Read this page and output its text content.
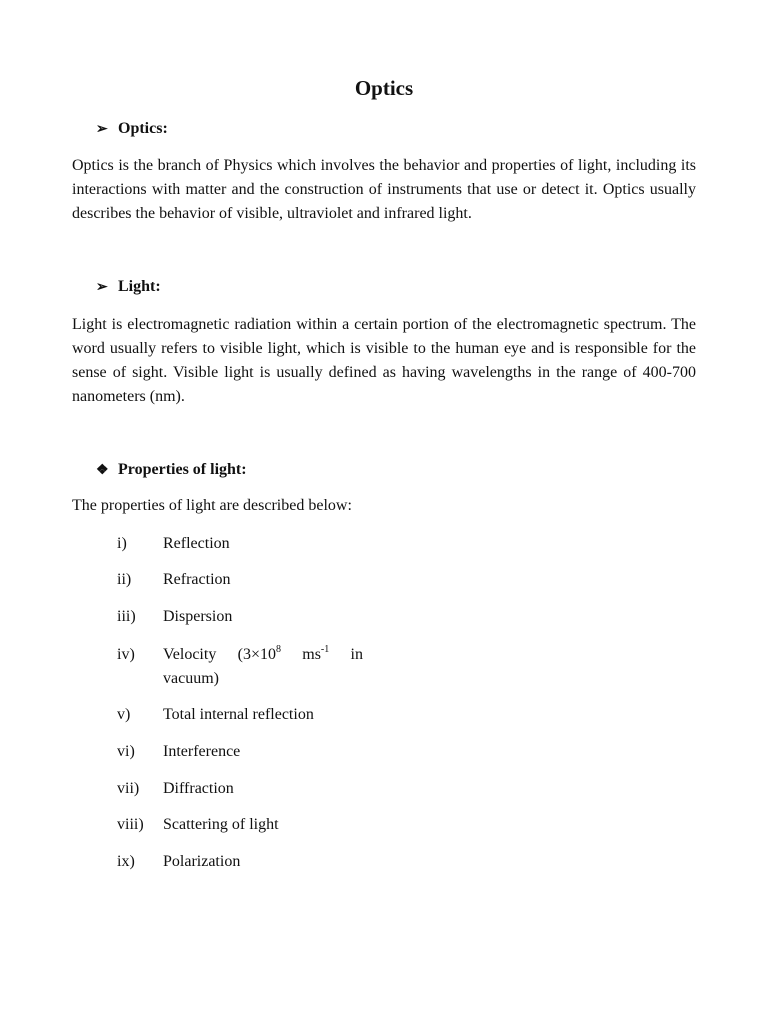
Optics
➢ Optics:
Optics is the branch of Physics which involves the behavior and properties of light, including its interactions with matter and the construction of instruments that use or detect it. Optics usually describes the behavior of visible, ultraviolet and infrared light.
➢ Light:
Light is electromagnetic radiation within a certain portion of the electromagnetic spectrum. The word usually refers to visible light, which is visible to the human eye and is responsible for the sense of sight. Visible light is usually defined as having wavelengths in the range of 400-700 nanometers (nm).
❖ Properties of light:
The properties of light are described below:
i) Reflection
ii) Refraction
iii) Dispersion
iv) Velocity ($3\times 10^8$ $ms^{-1}$ in
vacuum)
v) Total internal reflection
vi) Interference
vii) Diffraction
viii) Scattering of light
ix) Polarization
